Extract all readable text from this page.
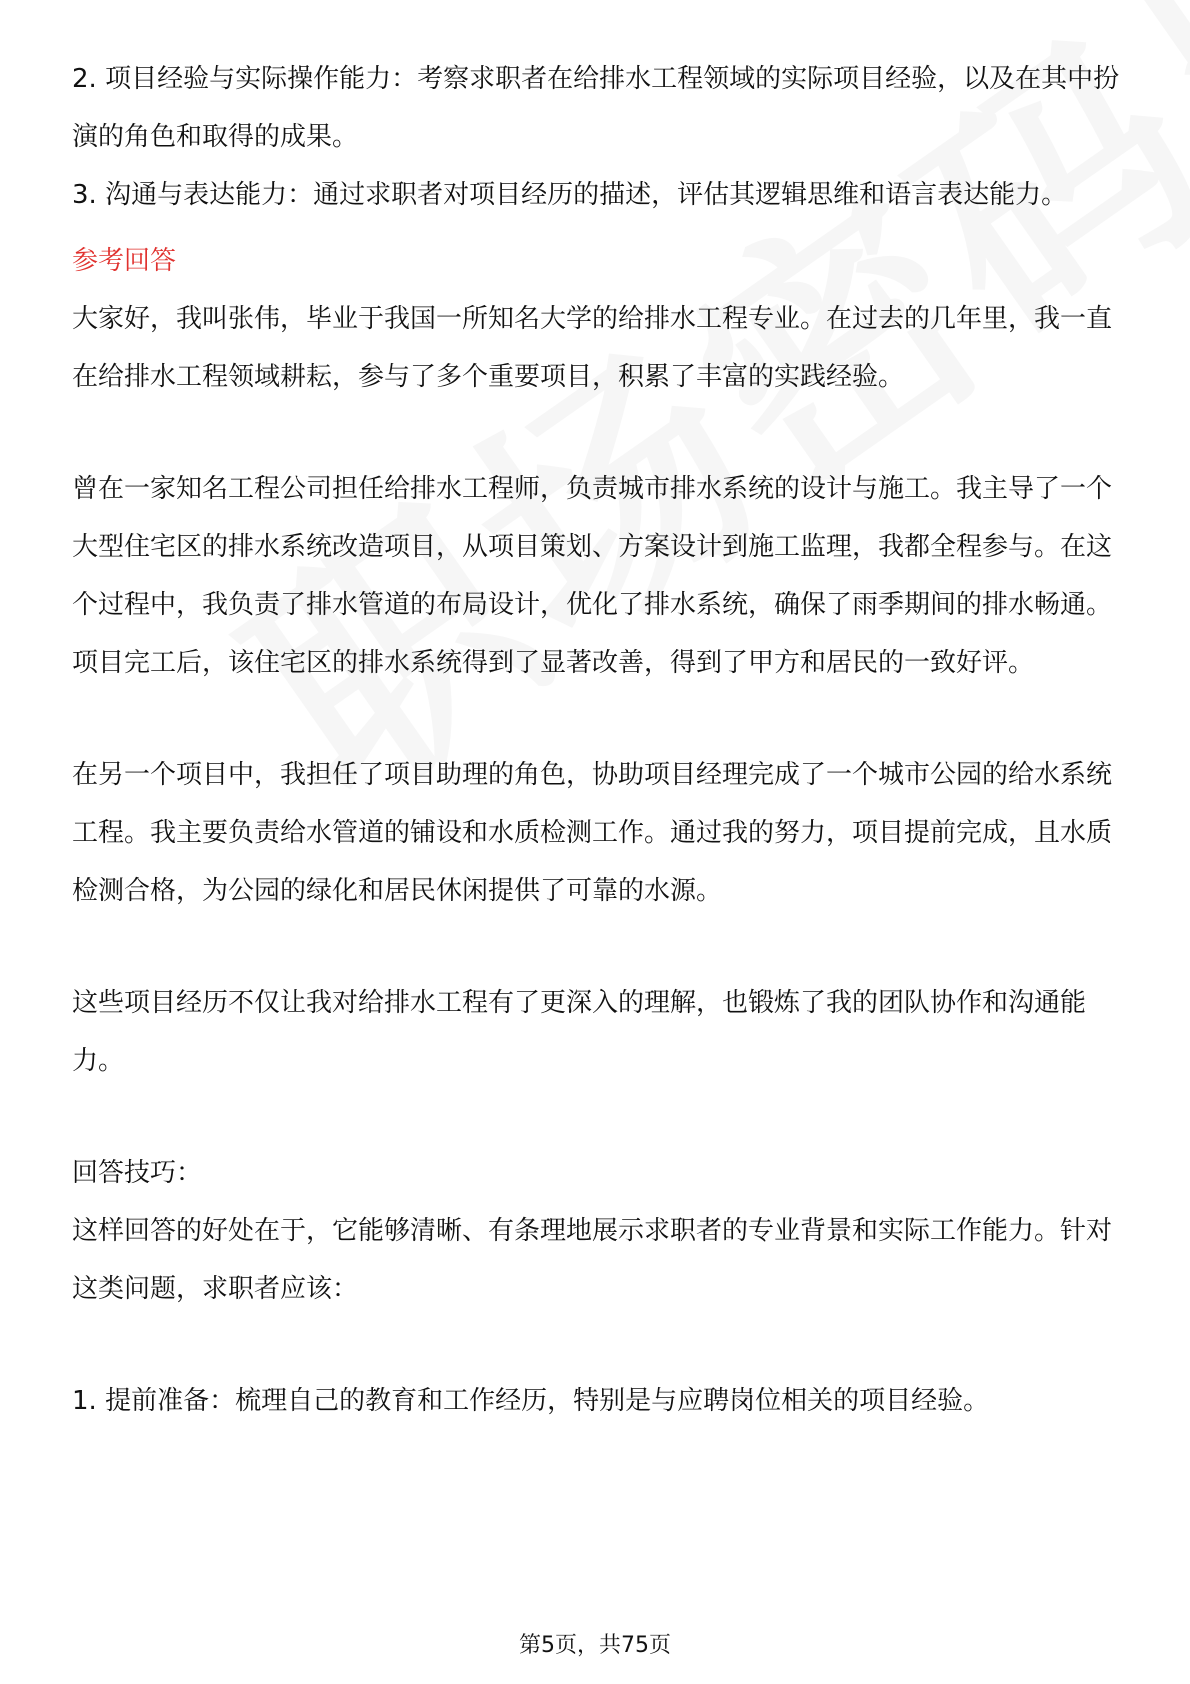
2. 项目经验与实际操作能力：考察求职者在给排水工程领域的实际项目经验，以及在其中扮演的角色和取得的成果。

3. 沟通与表达能力：通过求职者对项目经历的描述，评估其逻辑思维和语言表达能力。

参考回答

大家好，我叫张伟，毕业于我国一所知名大学的给排水工程专业。在过去的几年里，我一直在给排水工程领域耕耘，参与了多个重要项目，积累了丰富的实践经验。

曾在一家知名工程公司担任给排水工程师，负责城市排水系统的设计与施工。我主导了一个大型住宅区的排水系统改造项目，从项目策划、方案设计到施工监理，我都全程参与。在这个过程中，我负责了排水管道的布局设计，优化了排水系统，确保了雨季期间的排水畅通。项目完工后，该住宅区的排水系统得到了显著改善，得到了甲方和居民的一致好评。

在另一个项目中，我担任了项目助理的角色，协助项目经理完成了一个城市公园的给水系统工程。我主要负责给水管道的铺设和水质检测工作。通过我的努力，项目提前完成，且水质检测合格，为公园的绿化和居民休闲提供了可靠的水源。

这些项目经历不仅让我对给排水工程有了更深入的理解，也锻炼了我的团队协作和沟通能力。

回答技巧：

这样回答的好处在于，它能够清晰、有条理地展示求职者的专业背景和实际工作能力。针对这类问题，求职者应该：

1. 提前准备：梳理自己的教育和工作经历，特别是与应聘岗位相关的项目经验。

第5页，共75页
